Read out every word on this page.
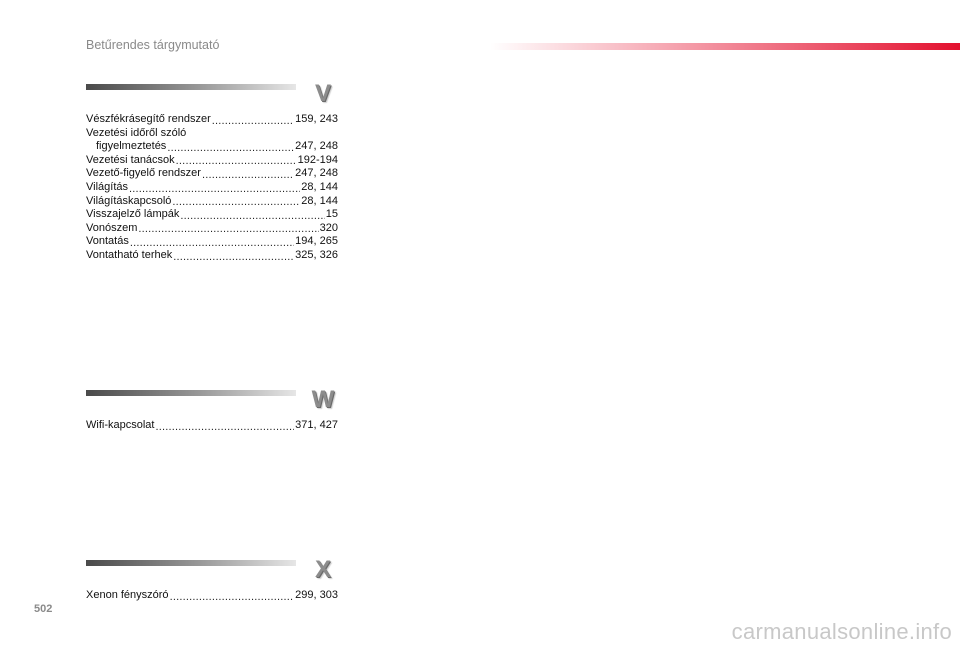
Betűrendes tárgymutató
V
Vészfékrásegítő rendszer .....	159, 243
Vezetési időről szóló
figyelmeztetés .....	247, 248
Vezetési tanácsok .....	192-194
Vezető-figyelő rendszer .....	247, 248
Világítás .....	28, 144
Világításkapcsoló .....	28, 144
Visszajelző lámpák .....	15
Vonószem .....	320
Vontatás .....	194, 265
Vontatható terhek .....	325, 326
W
Wifi-kapcsolat .....	371, 427
X
Xenon fényszóró .....	299, 303
502
carmanualsonline.info
